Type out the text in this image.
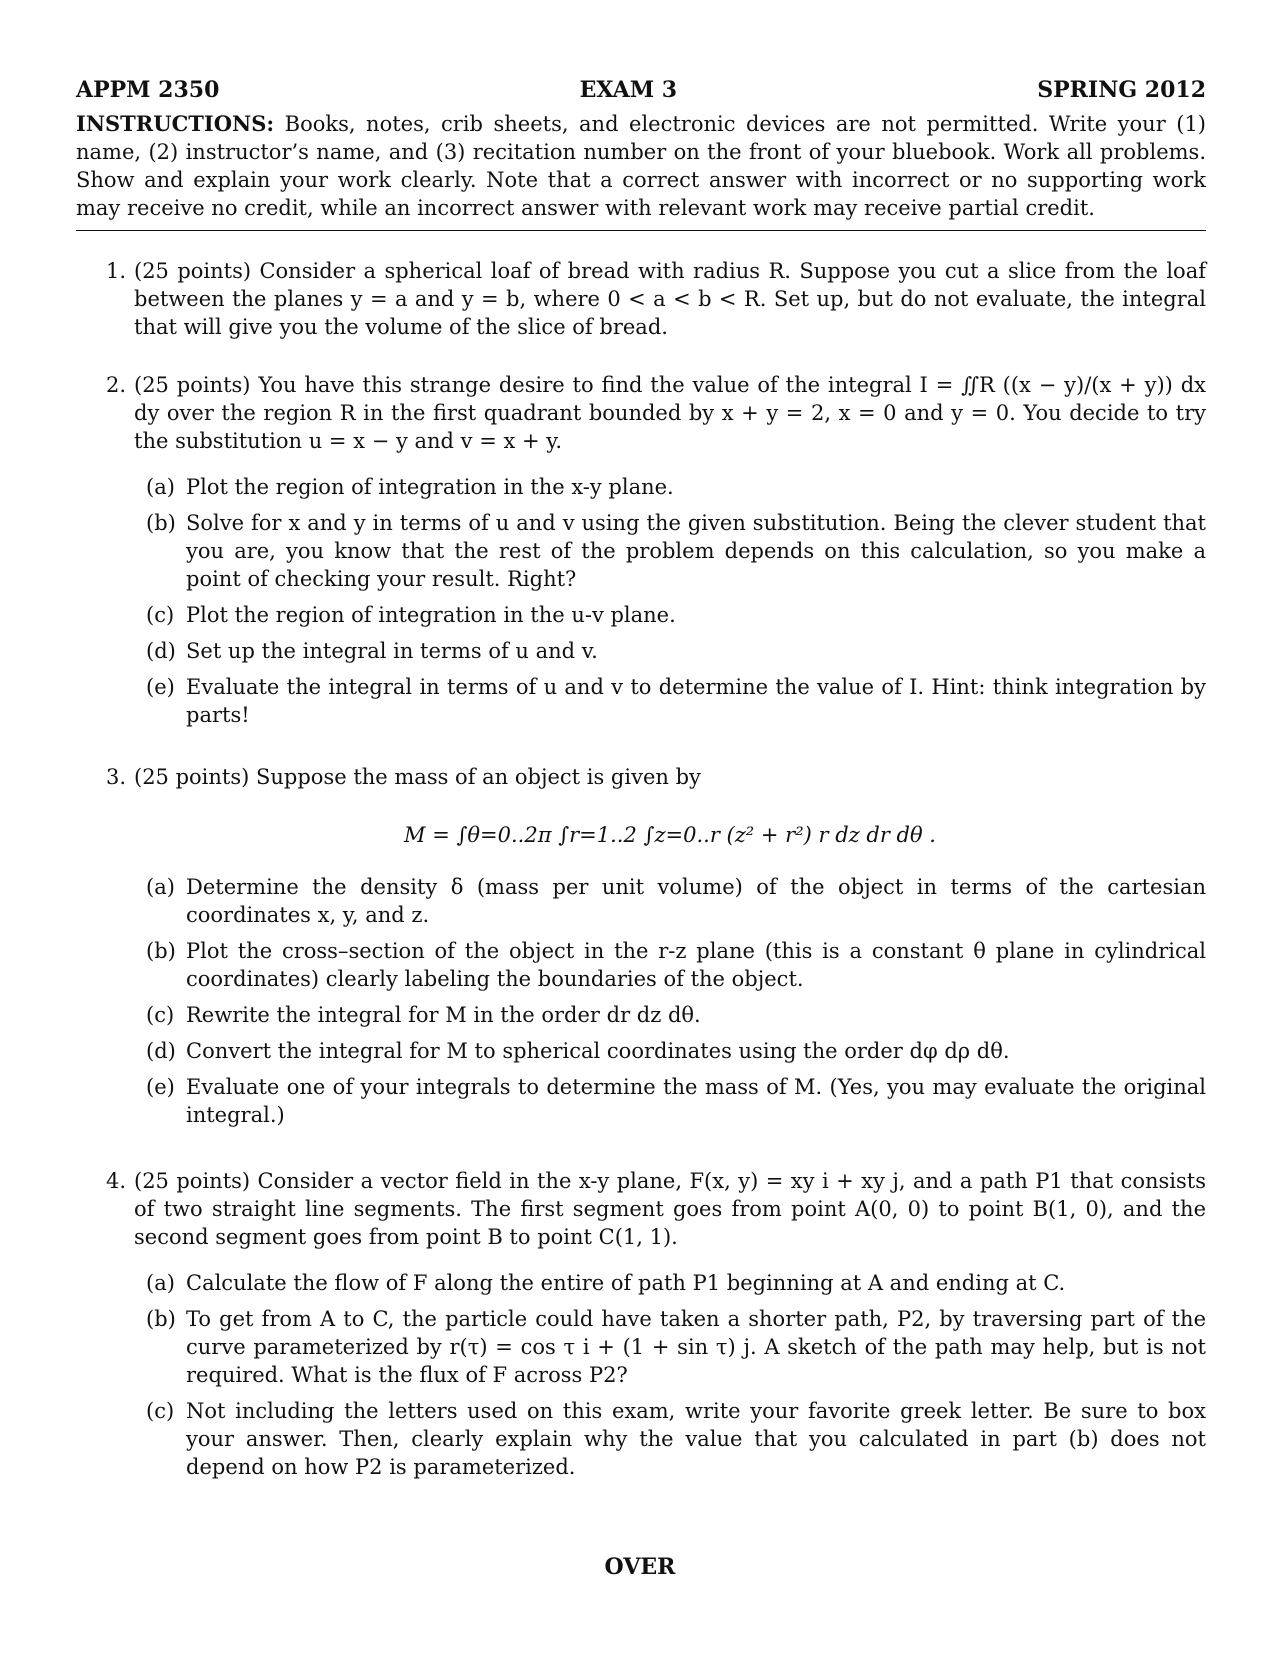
APPM 2350	EXAM 3	SPRING 2012
INSTRUCTIONS: Books, notes, crib sheets, and electronic devices are not permitted. Write your (1) name, (2) instructor’s name, and (3) recitation number on the front of your bluebook. Work all problems. Show and explain your work clearly. Note that a correct answer with incorrect or no supporting work may receive no credit, while an incorrect answer with relevant work may receive partial credit.
1. (25 points) Consider a spherical loaf of bread with radius R. Suppose you cut a slice from the loaf between the planes y = a and y = b, where 0 < a < b < R. Set up, but do not evaluate, the integral that will give you the volume of the slice of bread.
2. (25 points) You have this strange desire to find the value of the integral I = ∬R ((x − y)/(x + y)) dx dy over the region R in the first quadrant bounded by x + y = 2, x = 0 and y = 0. You decide to try the substitution u = x − y and v = x + y.
(a) Plot the region of integration in the x-y plane.
(b) Solve for x and y in terms of u and v using the given substitution. Being the clever student that you are, you know that the rest of the problem depends on this calculation, so you make a point of checking your result. Right?
(c) Plot the region of integration in the u-v plane.
(d) Set up the integral in terms of u and v.
(e) Evaluate the integral in terms of u and v to determine the value of I. Hint: think integration by parts!
3. (25 points) Suppose the mass of an object is given by
M = ∫θ=0..2π ∫r=1..2 ∫z=0..r (z² + r²) r dz dr dθ .
(a) Determine the density δ (mass per unit volume) of the object in terms of the cartesian coordinates x, y, and z.
(b) Plot the cross–section of the object in the r-z plane (this is a constant θ plane in cylindrical coordinates) clearly labeling the boundaries of the object.
(c) Rewrite the integral for M in the order dr dz dθ.
(d) Convert the integral for M to spherical coordinates using the order dφ dρ dθ.
(e) Evaluate one of your integrals to determine the mass of M. (Yes, you may evaluate the original integral.)
4. (25 points) Consider a vector field in the x-y plane, F(x, y) = xy i + xy j, and a path P1 that consists of two straight line segments. The first segment goes from point A(0, 0) to point B(1, 0), and the second segment goes from point B to point C(1, 1).
(a) Calculate the flow of F along the entire of path P1 beginning at A and ending at C.
(b) To get from A to C, the particle could have taken a shorter path, P2, by traversing part of the curve parameterized by r(τ) = cos τ i + (1 + sin τ) j. A sketch of the path may help, but is not required. What is the flux of F across P2?
(c) Not including the letters used on this exam, write your favorite greek letter. Be sure to box your answer. Then, clearly explain why the value that you calculated in part (b) does not depend on how P2 is parameterized.
OVER
